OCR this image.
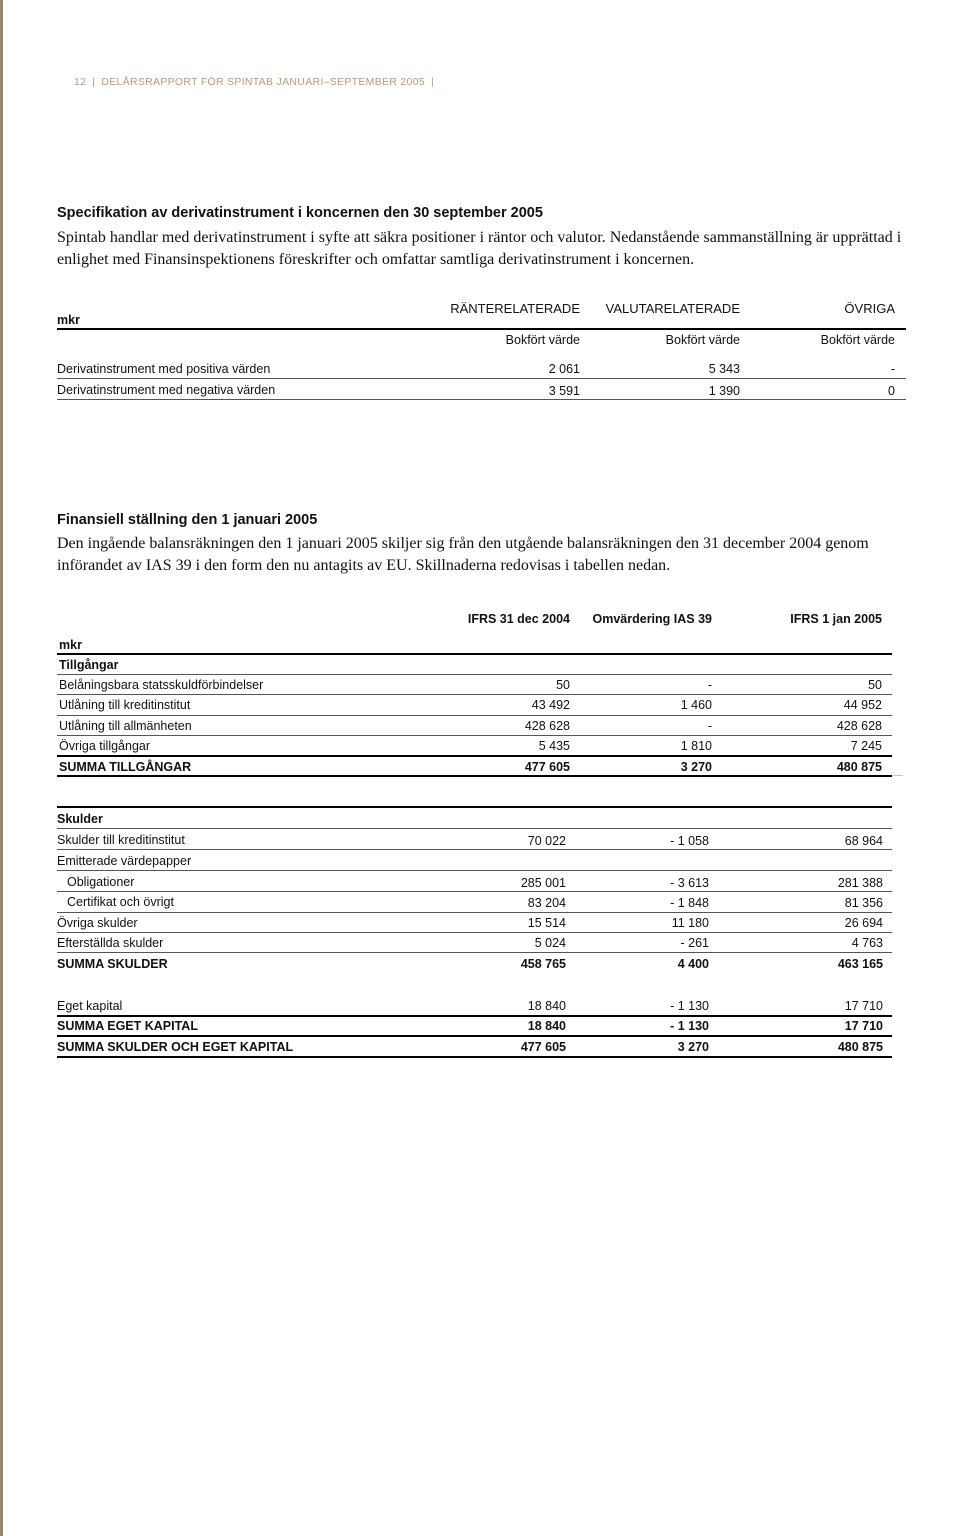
12 | DELÅRSRAPPORT FÖR SPINTAB JANUARI–SEPTEMBER 2005 |
Specifikation av derivatinstrument i koncernen den 30 september 2005
Spintab handlar med derivatinstrument i syfte att säkra positioner i räntor och valutor. Nedanstående sammanställning är upprättad i
enlighet med Finansinspektionens föreskrifter och omfattar samtliga derivatinstrument i koncernen.
RÄNTERELATERADE	VALUTARELATERADE	ÖVRIGA
mkr
Bokfört värde	Bokfört värde	Bokfört värde
Derivatinstrument med positiva värden	2 061	5 343	-
Derivatinstrument med negativa värden	3 591	1 390	0
Finansiell ställning den 1 januari 2005
Den ingående balansräkningen den 1 januari 2005 skiljer sig från den utgående balansräkningen den 31 december 2004 genom
införandet av IAS 39 i den form den nu antagits av EU. Skillnaderna redovisas i tabellen nedan.
IFRS 31 dec 2004	Omvärdering IAS 39	IFRS 1 jan 2005
mkr
Tillgångar
Belåningsbara statsskuldförbindelser	50	-	50
Utlåning till kreditinstitut	43 492	1 460	44 952
Utlåning till allmänheten	428 628	-	428 628
Övriga tillgångar	5 435	1 810	7 245
SUMMA TILLGÅNGAR	477 605	3 270	480 875
Skulder
Skulder till kreditinstitut	70 022	- 1 058	68 964
Emitterade värdepapper
Obligationer	285 001	- 3 613	281 388
Certifikat och övrigt	83 204	- 1 848	81 356
Övriga skulder	15 514	11 180	26 694
Efterställda skulder	5 024	- 261	4 763
SUMMA SKULDER	458 765	4 400	463 165
Eget kapital	18 840	- 1 130	17 710
SUMMA EGET KAPITAL	18 840	- 1 130	17 710
SUMMA SKULDER OCH EGET KAPITAL	477 605	3 270	480 875
